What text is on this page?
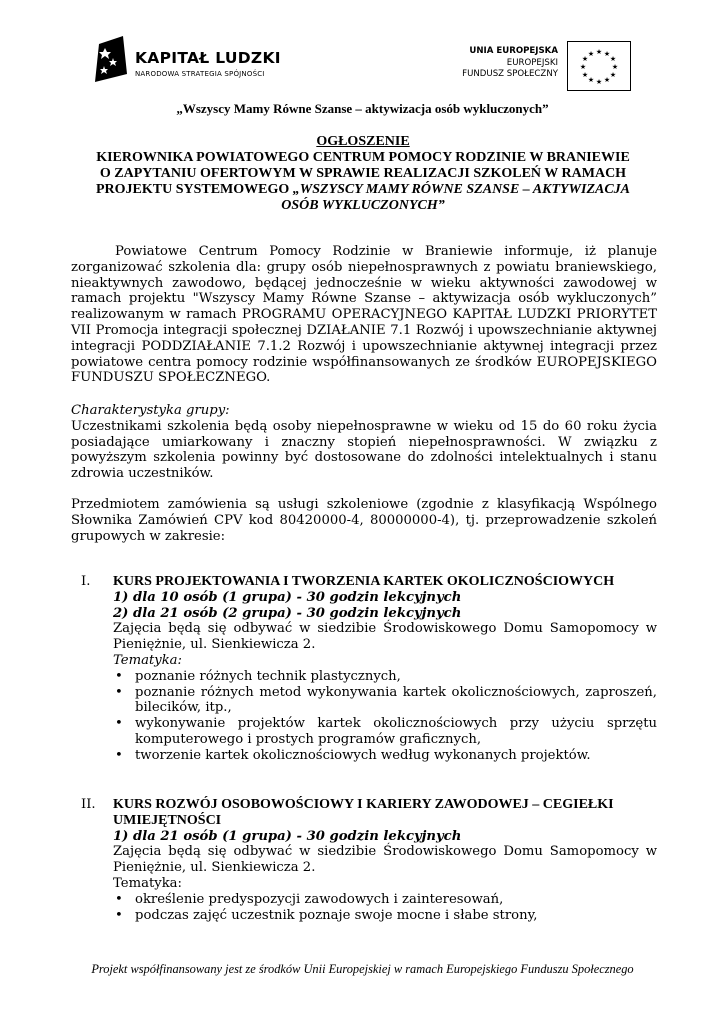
KAPITAŁ LUDZKI
NARODOWA STRATEGIA SPÓJNOŚCI
UNIA EUROPEJSKA
EUROPEJSKI
FUNDUSZ SPOŁECZNY
★ ★
★
★
★
★
★
★
★
★
★
★
„Wszyscy Mamy Równe Szanse – aktywizacja osób wykluczonych”
OGŁOSZENIE
KIEROWNIKA POWIATOWEGO CENTRUM POMOCY RODZINIE W BRANIEWIE
O ZAPYTANIU OFERTOWYM W SPRAWIE REALIZACJI SZKOLEŃ W RAMACH
PROJEKTU SYSTEMOWEGO „WSZYSCY MAMY RÓWNE SZANSE – AKTYWIZACJA
OSÓB WYKLUCZONYCH”

Powiatowe Centrum Pomocy Rodzinie w Braniewie informuje, iż planuje zorganizować szkolenia dla: grupy osób niepełnosprawnych z powiatu braniewskiego, nieaktywnych zawodowo, będącej jednocześnie w wieku aktywności zawodowej w ramach projektu "Wszyscy Mamy Równe Szanse – aktywizacja osób wykluczonych” realizowanym w ramach PROGRAMU OPERACYJNEGO KAPITAŁ LUDZKI PRIORYTET VII Promocja integracji społecznej DZIAŁANIE 7.1 Rozwój i upowszechnianie aktywnej integracji PODDZIAŁANIE 7.1.2 Rozwój i upowszechnianie aktywnej integracji przez powiatowe centra pomocy rodzinie współfinansowanych ze środków EUROPEJSKIEGO FUNDUSZU SPOŁECZNEGO.

Charakterystyka grupy:

Uczestnikami szkolenia będą osoby niepełnosprawne w wieku od 15 do 60 roku życia posiadające umiarkowany i znaczny stopień niepełnosprawności. W związku z powyższym szkolenia powinny być dostosowane do zdolności intelektualnych i stanu zdrowia uczestników.

Przedmiotem zamówienia są usługi szkoleniowe (zgodnie z klasyfikacją Wspólnego Słownika Zamówień CPV kod 80420000-4, 80000000-4), tj. przeprowadzenie szkoleń grupowych w zakresie:

I. KURS PROJEKTOWANIA I TWORZENIA KARTEK OKOLICZNOŚCIOWYCH
1) dla 10 osób (1 grupa) - 30 godzin lekcyjnych
2) dla 21 osób (2 grupa) - 30 godzin lekcyjnych
Zajęcia będą się odbywać w siedzibie Środowiskowego Domu Samopomocy w Pieniężnie, ul. Sienkiewicza 2.
Tematyka:
• poznanie różnych technik plastycznych,
• poznanie różnych metod wykonywania kartek okolicznościowych, zaproszeń, bilecików, itp.,
• wykonywanie projektów kartek okolicznościowych przy użyciu sprzętu komputerowego i prostych programów graficznych,
• tworzenie kartek okolicznościowych według wykonanych projektów.
II. KURS ROZWÓJ OSOBOWOŚCIOWY I KARIERY ZAWODOWEJ – CEGIEŁKI UMIEJĘTNOŚCI
1) dla 21 osób (1 grupa) - 30 godzin lekcyjnych
Zajęcia będą się odbywać w siedzibie Środowiskowego Domu Samopomocy w Pieniężnie, ul. Sienkiewicza 2.
Tematyka:
• określenie predyspozycji zawodowych i zainteresowań,
• podczas zajęć uczestnik poznaje swoje mocne i słabe strony,
Projekt współfinansowany jest ze środków Unii Europejskiej w ramach Europejskiego Funduszu Społecznego
